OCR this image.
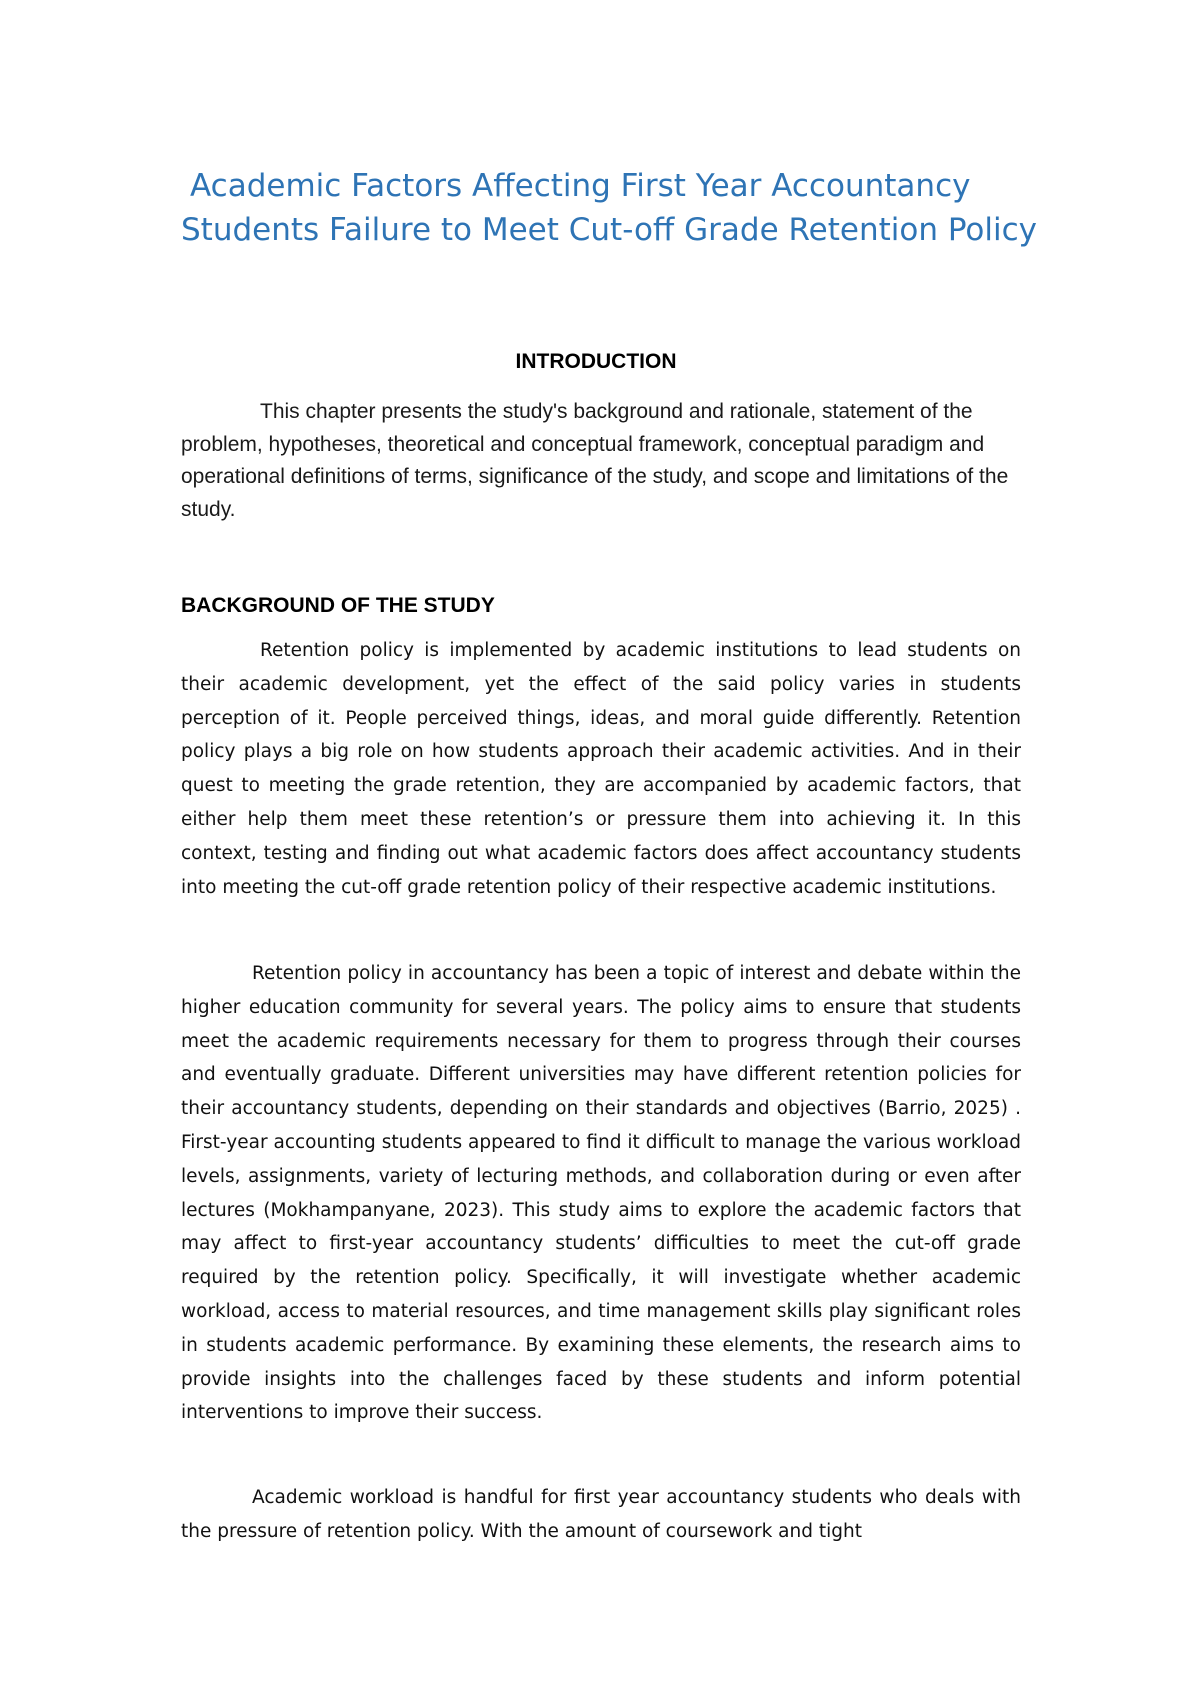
Academic Factors Affecting First Year Accountancy Students Failure to Meet Cut-off Grade Retention Policy
INTRODUCTION

This chapter presents the study's background and rationale, statement of the problem, hypotheses, theoretical and conceptual framework, conceptual paradigm and operational definitions of terms, significance of the study, and scope and limitations of the study.

BACKGROUND OF THE STUDY

Retention policy is implemented by academic institutions to lead students on their academic development, yet the effect of the said policy varies in students perception of it. People perceived things, ideas, and moral guide differently. Retention policy plays a big role on how students approach their academic activities. And in their quest to meeting the grade retention, they are accompanied by academic factors, that either help them meet these retention’s or pressure them into achieving it. In this context, testing and finding out what academic factors does affect accountancy students into meeting the cut-off grade retention policy of their respective academic institutions.

Retention policy in accountancy has been a topic of interest and debate within the higher education community for several years. The policy aims to ensure that students meet the academic requirements necessary for them to progress through their courses and eventually graduate. Different universities may have different retention policies for their accountancy students, depending on their standards and objectives (Barrio, 2025) . First-year accounting students appeared to find it difficult to manage the various workload levels, assignments, variety of lecturing methods, and collaboration during or even after lectures (Mokhampanyane, 2023). This study aims to explore the academic factors that may affect to first-year accountancy students’ difficulties to meet the cut-off grade required by the retention policy. Specifically, it will investigate whether academic workload, access to material resources, and time management skills play significant roles in students academic performance. By examining these elements, the research aims to provide insights into the challenges faced by these students and inform potential interventions to improve their success.

Academic workload is handful for first year accountancy students who deals with the pressure of retention policy. With the amount of coursework and tight
